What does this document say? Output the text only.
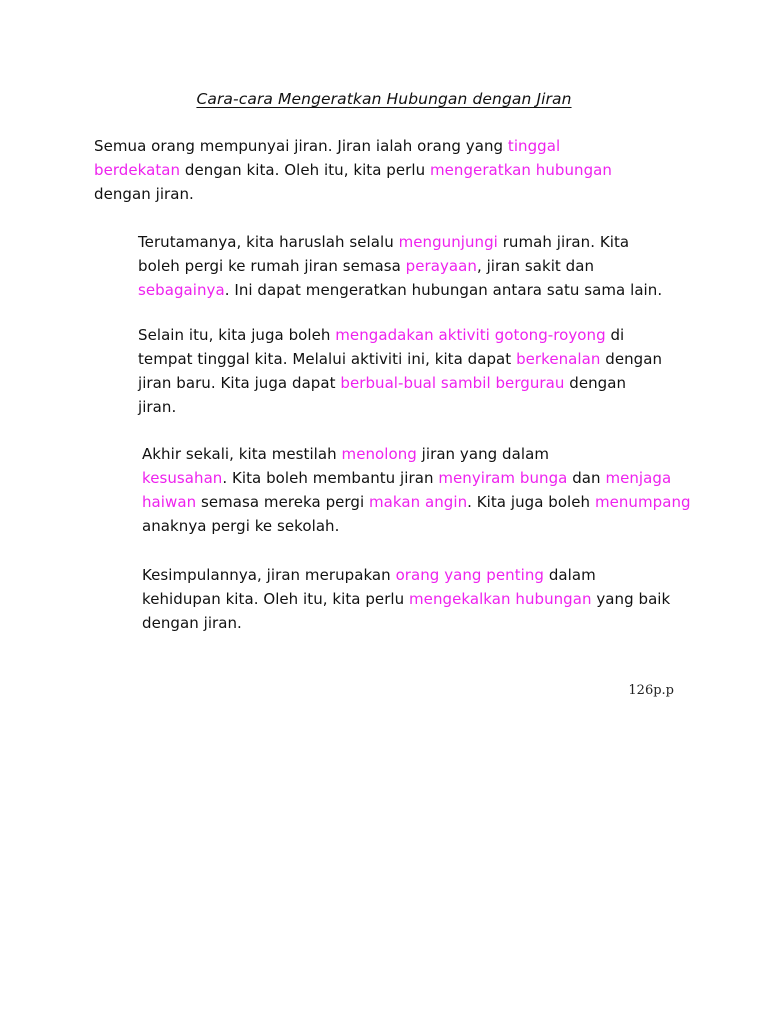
Cara-cara Mengeratkan Hubungan dengan Jiran
Semua orang mempunyai jiran. Jiran ialah orang yang tinggal
berdekatan dengan kita. Oleh itu, kita perlu mengeratkan hubungan
dengan jiran.
Terutamanya, kita haruslah selalu mengunjungi rumah jiran. Kita
boleh pergi ke rumah jiran semasa perayaan, jiran sakit dan
sebagainya. Ini dapat mengeratkan hubungan antara satu sama lain.
Selain itu, kita juga boleh mengadakan aktiviti gotong-royong di
tempat tinggal kita. Melalui aktiviti ini, kita dapat berkenalan dengan
jiran baru. Kita juga dapat berbual-bual sambil bergurau dengan
jiran.
Akhir sekali, kita mestilah menolong jiran yang dalam
kesusahan. Kita boleh membantu jiran menyiram bunga dan menjaga
haiwan semasa mereka pergi makan angin. Kita juga boleh menumpang
anaknya pergi ke sekolah.
Kesimpulannya, jiran merupakan orang yang penting dalam
kehidupan kita. Oleh itu, kita perlu mengekalkan hubungan yang baik
dengan jiran.
126p.p
